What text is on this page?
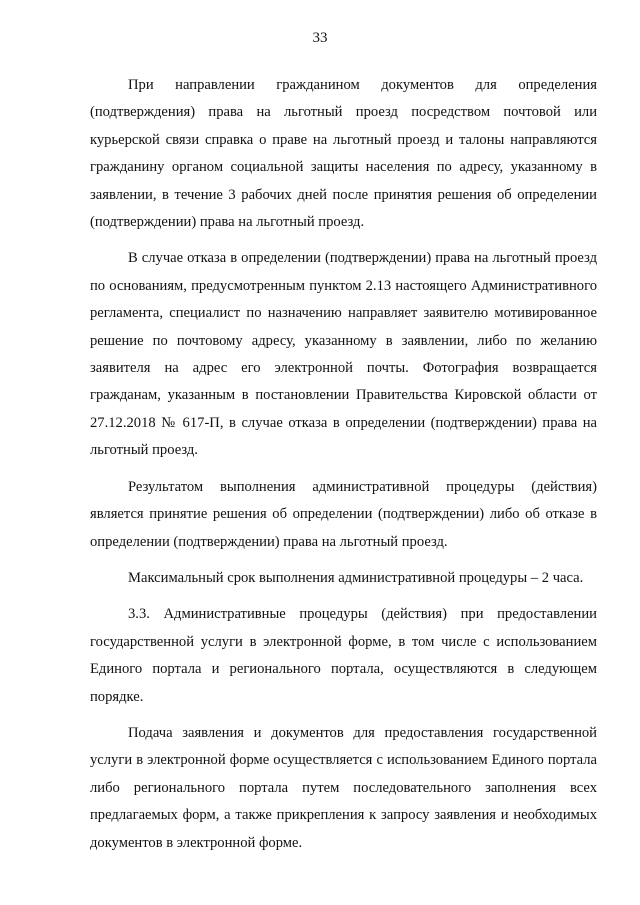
33

При направлении гражданином документов для определения (подтверждения) права на льготный проезд посредством почтовой или курьерской связи справка о праве на льготный проезд и талоны направляются гражданину органом социальной защиты населения по адресу, указанному в заявлении, в течение 3 рабочих дней после принятия решения об определении (подтверждении) права на льготный проезд.

В случае отказа в определении (подтверждении) права на льготный проезд по основаниям, предусмотренным пунктом 2.13 настоящего Административного регламента, специалист по назначению направляет заявителю мотивированное решение по почтовому адресу, указанному в заявлении, либо по желанию заявителя на адрес его электронной почты. Фотография возвращается гражданам, указанным в постановлении Правительства Кировской области от 27.12.2018 № 617-П, в случае отказа в определении (подтверждении) права на льготный проезд.

Результатом выполнения административной процедуры (действия) является принятие решения об определении (подтверждении) либо об отказе в определении (подтверждении) права на льготный проезд.

Максимальный срок выполнения административной процедуры – 2 часа.

3.3. Административные процедуры (действия) при предоставлении государственной услуги в электронной форме, в том числе с использованием Единого портала и регионального портала, осуществляются в следующем порядке.

Подача заявления и документов для предоставления государственной услуги в электронной форме осуществляется с использованием Единого портала либо регионального портала путем последовательного заполнения всех предлагаемых форм, а также прикрепления к запросу заявления и необходимых документов в электронной форме.
